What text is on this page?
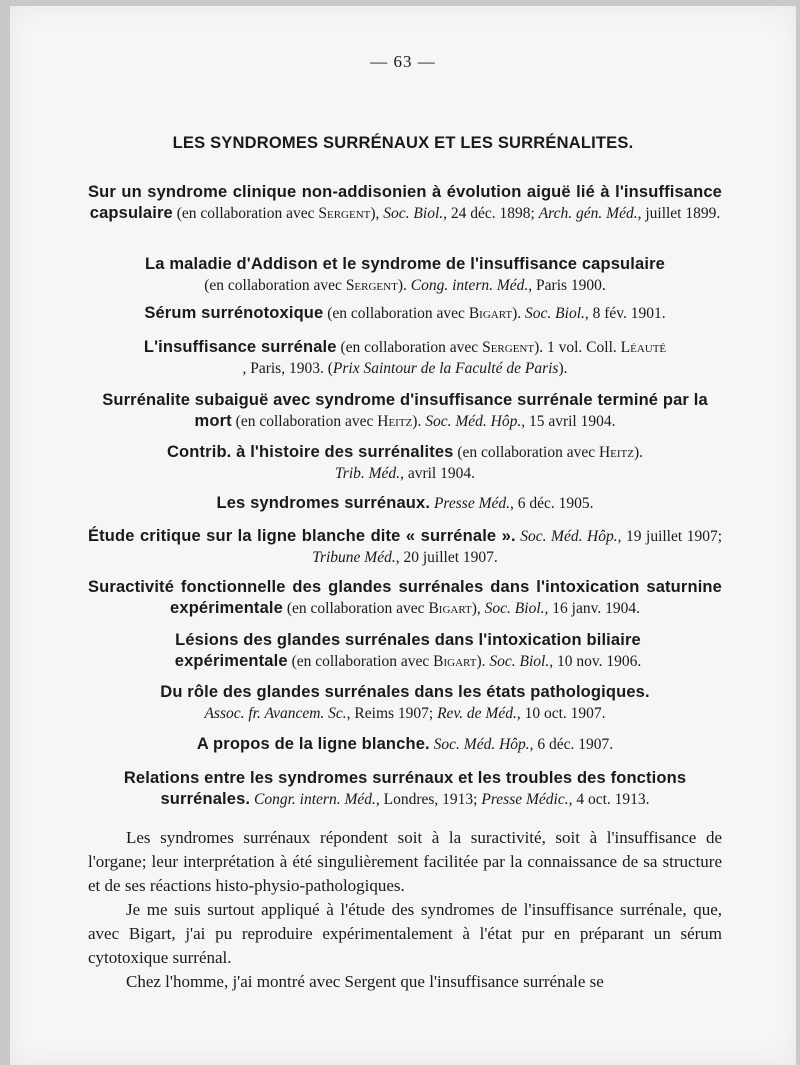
— 63 —
LES SYNDROMES SURRÉNAUX ET LES SURRÉNALITES.
Sur un syndrome clinique non-addisonien à évolution aiguë lié à l'insuffisance capsulaire (en collaboration avec Sergent), Soc. Biol., 24 déc. 1898; Arch. gén. Méd., juillet 1899.
La maladie d'Addison et le syndrome de l'insuffisance capsulaire
(en collaboration avec Sergent). Cong. intern. Méd., Paris 1900.
Sérum surrénotoxique (en collaboration avec Bigart). Soc. Biol., 8 fév. 1901.
L'insuffisance surrénale (en collaboration avec Sergent). 1 vol. Coll. Léauté
, Paris, 1903. (Prix Saintour de la Faculté de Paris).
Surrénalite subaiguë avec syndrome d'insuffisance surrénale terminé par la mort (en collaboration avec Heitz). Soc. Méd. Hôp., 15 avril 1904.
Contrib. à l'histoire des surrénalites (en collaboration avec Heitz).
Trib. Méd., avril 1904.
Les syndromes surrénaux. Presse Méd., 6 déc. 1905.
Étude critique sur la ligne blanche dite « surrénale ». Soc. Méd. Hôp., 19 juillet 1907; Tribune Méd., 20 juillet 1907.
Suractivité fonctionnelle des glandes surrénales dans l'intoxication saturnine expérimentale (en collaboration avec Bigart), Soc. Biol., 16 janv. 1904.
Lésions des glandes surrénales dans l'intoxication biliaire expérimentale (en collaboration avec Bigart). Soc. Biol., 10 nov. 1906.
Du rôle des glandes surrénales dans les états pathologiques.
Assoc. fr. Avancem. Sc., Reims 1907; Rev. de Méd., 10 oct. 1907.
A propos de la ligne blanche. Soc. Méd. Hôp., 6 déc. 1907.
Relations entre les syndromes surrénaux et les troubles des fonctions surrénales. Congr. intern. Méd., Londres, 1913; Presse Médic., 4 oct. 1913.

Les syndromes surrénaux répondent soit à la suractivité, soit à l'insuffisance de l'organe; leur interprétation à été singulièrement facilitée par la connaissance de sa structure et de ses réactions histo-physio-pathologiques.

Je me suis surtout appliqué à l'étude des syndromes de l'insuffisance surrénale, que, avec Bigart, j'ai pu reproduire expérimentalement à l'état pur en préparant un sérum cytotoxique surrénal.

Chez l'homme, j'ai montré avec Sergent que l'insuffisance surrénale se
